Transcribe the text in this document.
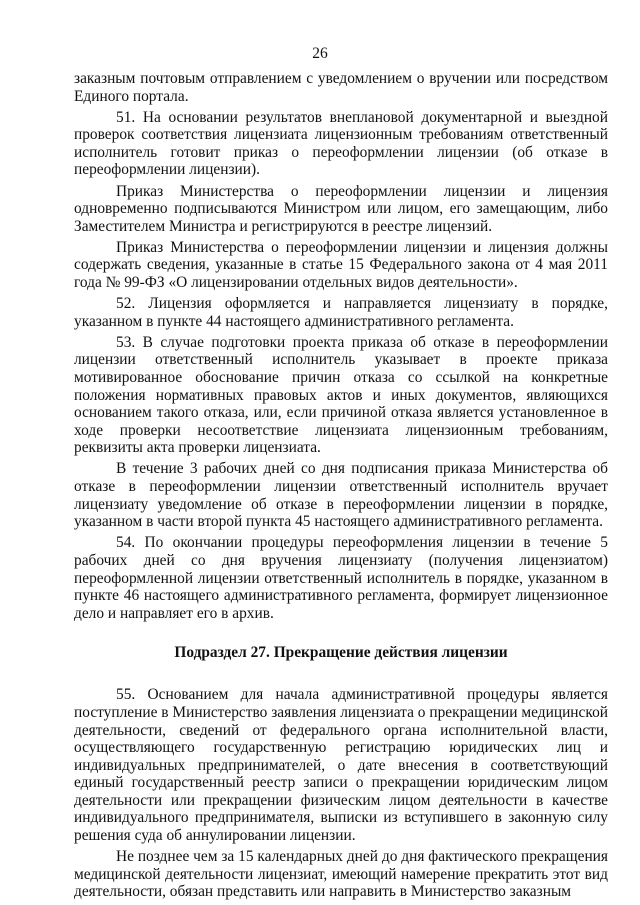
26

заказным почтовым отправлением с уведомлением о вручении или посредством Единого портала.

51. На основании результатов внеплановой документарной и выездной проверок соответствия лицензиата лицензионным требованиям ответственный исполнитель готовит приказ о переоформлении лицензии (об отказе в переоформлении лицензии).

Приказ Министерства о переоформлении лицензии и лицензия одновременно подписываются Министром или лицом, его замещающим, либо Заместителем Министра и регистрируются в реестре лицензий.

Приказ Министерства о переоформлении лицензии и лицензия должны содержать сведения, указанные в статье 15 Федерального закона от 4 мая 2011 года № 99-ФЗ «О лицензировании отдельных видов деятельности».

52. Лицензия оформляется и направляется лицензиату в порядке, указанном в пункте 44 настоящего административного регламента.

53. В случае подготовки проекта приказа об отказе в переоформлении лицензии ответственный исполнитель указывает в проекте приказа мотивированное обоснование причин отказа со ссылкой на конкретные положения нормативных правовых актов и иных документов, являющихся основанием такого отказа, или, если причиной отказа является установленное в ходе проверки несоответствие лицензиата лицензионным требованиям, реквизиты акта проверки лицензиата.

В течение 3 рабочих дней со дня подписания приказа Министерства об отказе в переоформлении лицензии ответственный исполнитель вручает лицензиату уведомление об отказе в переоформлении лицензии в порядке, указанном в части второй пункта 45 настоящего административного регламента.

54. По окончании процедуры переоформления лицензии в течение 5 рабочих дней со дня вручения лицензиату (получения лицензиатом) переоформленной лицензии ответственный исполнитель в порядке, указанном в пункте 46 настоящего административного регламента, формирует лицензионное дело и направляет его в архив.

Подраздел 27. Прекращение действия лицензии

55. Основанием для начала административной процедуры является поступление в Министерство заявления лицензиата о прекращении медицинской деятельности, сведений от федерального органа исполнительной власти, осуществляющего государственную регистрацию юридических лиц и индивидуальных предпринимателей, о дате внесения в соответствующий единый государственный реестр записи о прекращении юридическим лицом деятельности или прекращении физическим лицом деятельности в качестве индивидуального предпринимателя, выписки из вступившего в законную силу решения суда об аннулировании лицензии.

Не позднее чем за 15 календарных дней до дня фактического прекращения медицинской деятельности лицензиат, имеющий намерение прекратить этот вид деятельности, обязан представить или направить в Министерство заказным
